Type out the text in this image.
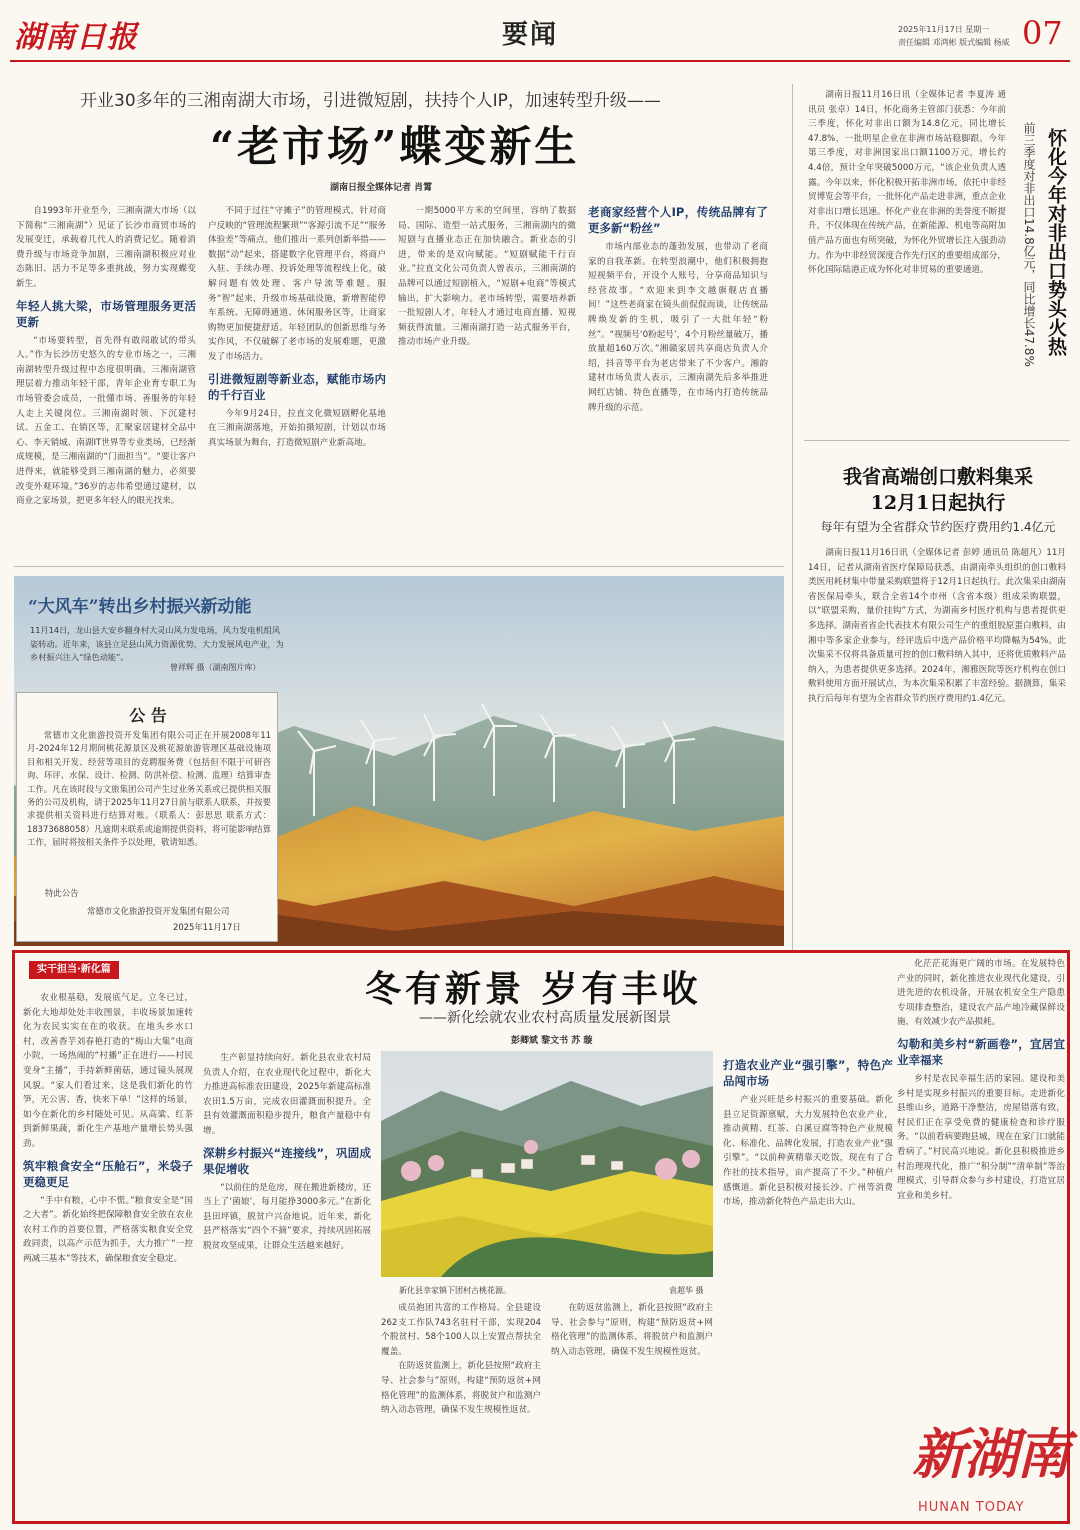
湖南日报	要闻	2025年11月17日 星期一
责任编辑 邓鸿彬 版式编辑 杨威 07
开业30多年的三湘南湖大市场，引进微短剧，扶持个人IP，加速转型升级——
“老市场”蝶变新生
湖南日报全媒体记者 肖霄

自1993年开业至今，三湘南湖大市场（以下简称“三湘南湖”）见证了长沙市商贸市场的发展变迁，承载着几代人的消费记忆。随着消费升级与市场竞争加剧，三湘南湖积极应对业态陈旧、活力不足等多重挑战，努力实现蝶变新生。

年轻人挑大梁，市场管理服务更活更新

“市场要转型，首先得有敢闯敢试的带头人。”作为长沙历史悠久的专业市场之一，三湘南湖转型升级过程中态度很明确。三湘南湖管理层着力推动年轻干部，青年企业育专职工为市场管委会成员，一批懂市场、善服务的年轻人走上关键岗位。三湘南湖时领、下沉建村试、五金工、在销区等，汇聚家居建材全品中心、李天销城、南湖IT世界等专业类场，已经渐成规模，是三湘南湖的“门面担当”。“要让客户进得来，就能够受到三湘南湖的魅力，必须要改变外观环境。”36岁的志伟希望通过建材，以商业之家场景，把更多年轻人的眼光找来。

不同于过往“守摊子”的管理模式，针对商户反映的“管理流程繁琐”“客源引流不足”“服务体验差”等痛点，他们推出一系列创新举措——数据“动”起来，搭建数字化管理平台，将商户入驻、手续办理、投诉处理等流程线上化，破解问题有效处理、客户导流等难题。服务“智”起来，升级市场基础设施，新增智能停车系统、无障碍通道、休闲服务区等，让商家购物更加便捷舒适。年轻团队的创新思维与务实作风，不仅破解了老市场的发展难题，更激发了市场活力。

引进微短剧等新业态，赋能市场内的千行百业

今年9月24日，拉直文化微短剧孵化基地在三湘南湖落地，开始拍摄短剧，计划以市场真实场景为舞台，打造微短剧产业新高地。

一期5000平方米的空间里，容纳了数据局、国际、造型一站式服务，三湘南湖内的微短剧与直播业态正在加快融合。新业态的引进，带来的是双向赋能。“短剧赋能千行百业。”拉直文化公司负责人曾表示，三湘南湖的品牌可以通过短剧植入，“短剧+电商”等模式输出，扩大影响力。老市场转型，需要培养新一批短剧人才，年轻人才通过电商直播、短视频获得流量。三湘南湖打造一站式服务平台，推动市场产业升级。

老商家经营个人IP，传统品牌有了更多新“粉丝”

市场内部业态的蓬勃发展，也带动了老商家的自我革新。在转型浪潮中，他们积极拥抱短视频平台，开设个人账号，分享商品知识与经营故事。“欢迎来到李文越旗舰店直播间！”这些老商家在镜头前侃侃而谈，让传统品牌焕发新的生机，吸引了一大批年轻“粉丝”。“视频号‘0粉起号’，4个月粉丝量破万，播放量超160万次。”湘赣家居共享商店负责人介绍，抖音等平台为老店带来了不少客户。湘韵建材市场负责人表示，三湘南湖先后多举推进网红店铺、特色直播等，在市场内打造传统品牌升级的示范。

湖南日报11月16日讯（全媒体记者 李夏涛 通讯员 张卓）14日，怀化商务主管部门获悉：今年前三季度，怀化对非出口额为14.8亿元，同比增长47.8%，一批明星企业在非洲市场站稳脚跟。今年第三季度，对非洲国家出口额1100万元，增长约4.4倍，预计全年突破5000万元，“该企业负责人透露。今年以来，怀化积极开拓非洲市场，依托中非经贸博览会等平台，一批怀化产品走进非洲，重点企业对非出口增长迅速。怀化产业在非洲的美誉度不断提升，不仅体现在传统产品，在新能源、机电等高附加值产品方面也有所突破，为怀化外贸增长注入强劲动力。作为中非经贸深度合作先行区的重要组成部分，怀化国际陆港正成为怀化对非贸易的重要通道。	怀化今年对非出口势头火热
前三季度对非出口14.8亿元，同比增长47.8%
我省高端创口敷料集采
12月1日起执行
每年有望为全省群众节约医疗费用约1.4亿元
湖南日报11月16日讯（全媒体记者 彭婷 通讯员 陈超凡）11月14日，记者从湖南省医疗保障局获悉，由湖南牵头组织的创口敷料类医用耗材集中带量采购联盟将于12月1日起执行。此次集采由湖南省医保局牵头，联合全省14个市州（含省本级）组成采购联盟，以“联盟采购，量价挂钩”方式，为湖南乡村医疗机构与患者提供更多选择。湖南省省企代表技术有限公司生产的重组胶原蛋白敷料，由湘中等多家企业参与，经评选后中选产品价格平均降幅为54%。此次集采不仅将具备质量可控的创口敷料纳入其中，还将优质敷料产品纳入，为患者提供更多选择。2024年，湘雅医院等医疗机构在创口敷料使用方面开展试点，为本次集采积累了丰富经验。据测算，集采执行后每年有望为全省群众节约医疗费用约1.4亿元。
“大风车”转出乡村振兴新动能
11月14日，龙山县大安乡翻身村大灵山风力发电场，风力发电机组风姿转动。近年来，该县立足县山风力资源优势，大力发展风电产业，为乡村振兴注入“绿色动能”。
曾祥辉 摄（湖南图片库）
公 告
常德市文化旅游投资开发集团有限公司正在开展2008年11月-2024年12月期间桃花源景区及桃花源旅游管理区基础设施项目和相关开发、经营等项目的竞聘服务费（包括但不限于可研咨询、环评、水保、设计、检测、防洪补偿、检测、监理）结算审查工作。凡在该时段与文旅集团公司产生过业务关系或已提供相关服务的公司及机构，请于2025年11月27日前与联系人联系，并按要求提供相关资料进行结算对账。（联系人：彭思思 联系方式：18373688058）凡逾期未联系或逾期提供资料，将可能影响结算工作，届时将按相关条件予以处理，敬请知悉。
特此公告
常德市文化旅游投资开发集团有限公司
2025年11月17日
实干担当·新化篇	冬有新景 岁有丰收
——新化绘就农业农村高质量发展新图景
彭卿斌 黎文书 苏 璇

农业根基稳，发展底气足。立冬已过，新化大地却处处丰收图景，丰收场景加速转化为农民实实在在的收获。在地头乡水口村，改善香芋刘春艳打造的“梅山大集”电商小院，一场热闹的“村播”正在进行——村民变身“主播”，手持新鲜菌菇，通过镜头展现风貌。“家人们看过来，这是我们新化的竹笋，无公害、香，快来下单！”这样的场景，如今在新化的乡村随处可见。从高粱、红茶到新鲜果蔬，新化生产基地产量增长势头强劲。

筑牢粮食安全“压舱石”，米袋子更稳更足

“手中有粮，心中不慌。”粮食安全是“国之大者”。新化始终把保障粮食安全放在农业农村工作的首要位置，严格落实粮食安全党政同责，以高产示范为抓手，大力推广“一控两减三基本”等技术，确保粮食安全稳定。

生产彰显持续向好。新化县农业农村局负责人介绍，在农业现代化过程中，新化大力推进高标准农田建设，2025年新建高标准农田1.5万亩，完成农田灌溉面积提升。全县有效灌溉面积稳步提升，粮食产量稳中有增。

深耕乡村振兴“连接线”，巩固成果促增收

“以前住的是危房，现在搬进新楼房，还当上了‘菌娘’，每月能挣3000多元。”在新化县田坪镇，脱贫户兴奋地说。近年来，新化县严格落实“四个不摘”要求，持续巩固拓展脱贫攻坚成果，让群众生活越来越好。

新化县幸家镇下团村古桃花源。	袁超华 摄

成员抱团共富的工作格局。全县建设262支工作队743名驻村干部，实现204个脱贫村、58个100人以上安置点帮扶全覆盖。

在防返贫监测上，新化县按照“政府主导、社会参与”原则，构建“预防返贫+网格化管理”的监测体系，将脱贫户和监测户纳入动态管理，确保不发生规模性返贫。

在防返贫监测上，新化县按照“政府主导、社会参与”原则，构建“预防返贫+网格化管理”的监测体系，将脱贫户和监测户纳入动态管理，确保不发生规模性返贫。

打造农业产业“强引擎”，特色产品闯市场

产业兴旺是乡村振兴的重要基础。新化县立足资源禀赋，大力发展特色农业产业，推动黄精、红茶、白溪豆腐等特色产业规模化、标准化、品牌化发展，打造农业产业“强引擎”。“以前种黄精靠天吃饭，现在有了合作社的技术指导，亩产提高了不少。”种植户感慨道。新化县积极对接长沙、广州等消费市场，推动新化特色产品走出大山。

化茫茫花海更广阔的市场。在发展特色产业的同时，新化推进农业现代化建设，引进先进的农机设备，开展农机安全生产隐患专项排查整治，建设农产品产地冷藏保鲜设施，有效减少农产品损耗。

勾勒和美乡村“新画卷”，宜居宜业幸福来

乡村是农民幸福生活的家园。建设和美乡村是实现乡村振兴的重要目标。走进新化县维山乡，道路干净整洁，房屋错落有致，村民们正在享受免费的健康检查和诊疗服务。“以前看病要跑县城，现在在家门口就能看病了。”村民高兴地说。新化县积极推进乡村治理现代化，推广“积分制”“清单制”等治理模式，引导群众参与乡村建设，打造宜居宜业和美乡村。

新湖南
HUNAN TODAY
